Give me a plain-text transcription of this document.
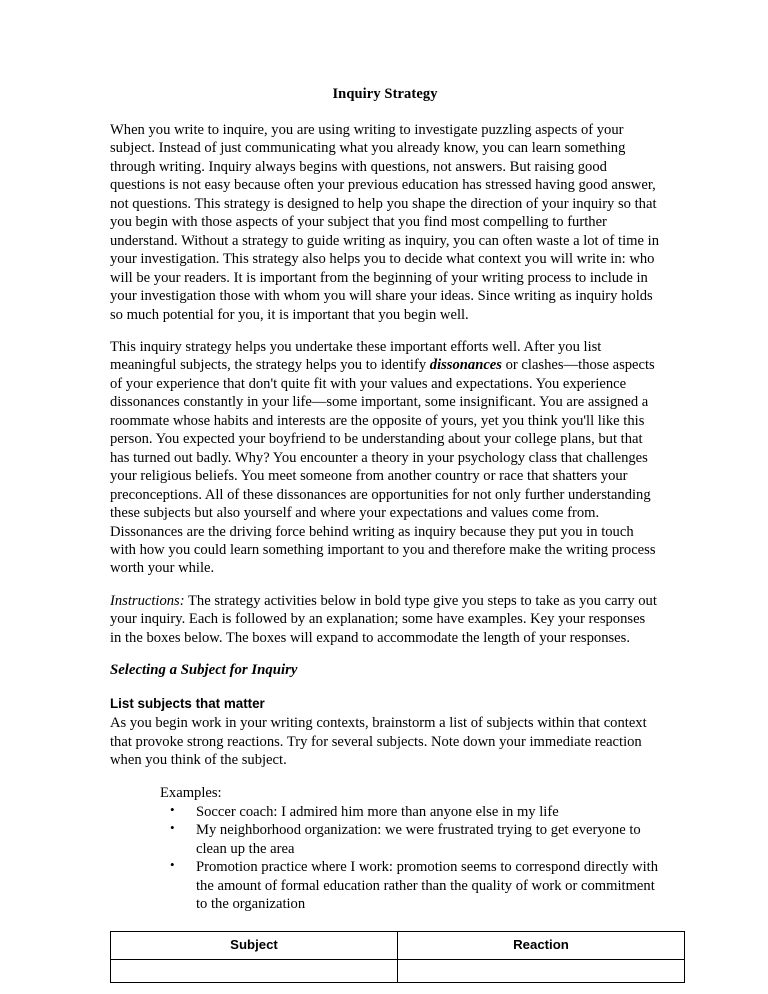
Inquiry Strategy

When you write to inquire, you are using writing to investigate puzzling aspects of your subject. Instead of just communicating what you already know, you can learn something through writing. Inquiry always begins with questions, not answers. But raising good questions is not easy because often your previous education has stressed having good answer, not questions. This strategy is designed to help you shape the direction of your inquiry so that you begin with those aspects of your subject that you find most compelling to further understand. Without a strategy to guide writing as inquiry, you can often waste a lot of time in your investigation. This strategy also helps you to decide what context you will write in: who will be your readers. It is important from the beginning of your writing process to include in your investigation those with whom you will share your ideas. Since writing as inquiry holds so much potential for you, it is important that you begin well.

This inquiry strategy helps you undertake these important efforts well. After you list meaningful subjects, the strategy helps you to identify dissonances or clashes—those aspects of your experience that don't quite fit with your values and expectations. You experience dissonances constantly in your life—some important, some insignificant. You are assigned a roommate whose habits and interests are the opposite of yours, yet you think you'll like this person. You expected your boyfriend to be understanding about your college plans, but that has turned out badly. Why? You encounter a theory in your psychology class that challenges your religious beliefs. You meet someone from another country or race that shatters your preconceptions. All of these dissonances are opportunities for not only further understanding these subjects but also yourself and where your expectations and values come from. Dissonances are the driving force behind writing as inquiry because they put you in touch with how you could learn something important to you and therefore make the writing process worth your while.

Instructions: The strategy activities below in bold type give you steps to take as you carry out your inquiry. Each is followed by an explanation; some have examples. Key your responses in the boxes below. The boxes will expand to accommodate the length of your responses.

Selecting a Subject for Inquiry
List subjects that matter

As you begin work in your writing contexts, brainstorm a list of subjects within that context that provoke strong reactions. Try for several subjects. Note down your immediate reaction when you think of the subject.

Examples:
• Soccer coach: I admired him more than anyone else in my life
• My neighborhood organization: we were frustrated trying to get everyone to clean up the area
• Promotion practice where I work: promotion seems to correspond directly with the amount of formal education rather than the quality of work or commitment to the organization
Subject	Reaction
